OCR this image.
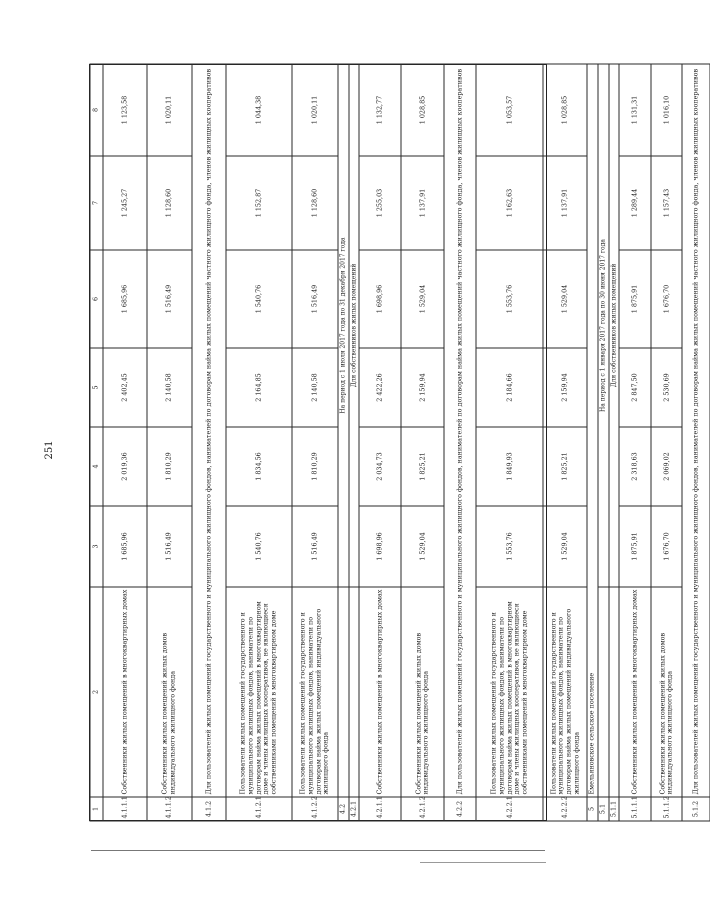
251
1	2	3	4	5	6	7	8
4.1.1.1	Собственники жилых помещений в многоквартирных домах	1 685,96	2 019,36	2 402,45	1 685,96	1 245,27	1 123,58
4.1.1.2	Собственники жилых помещений жилых домов индивидуального жилищного фонда	1 516,49	1 810,29	2 140,58	1 516,49	1 128,60	1 020,11
4.1.2	Для пользователей жилых помещений государственного и муниципального жилищного фондов, нанимателей по договорам найма жилых помещений частного жилищного фонда, членов жилищных кооперативов						
4.1.2.1	Пользователи жилых помещений государственного и муниципального жилищных фондов, наниматели по договорам найма жилых помещений в многоквартирном доме и члены жилищных кооперативов, не являющиеся собственниками помещений в многоквартирном доме	1 540,76	1 834,56	2 164,85	1 540,76	1 152,87	1 044,38
4.1.2.2	Пользователи жилых помещений государственного и муниципального жилищных фондов, наниматели по договорам найма жилых помещений индивидуального жилищного фонда	1 516,49	1 810,29	2 140,58	1 516,49	1 128,60	1 020,11
4.2		На период с 1 июля 2017 года по 31 декабря 2017 года					
4.2.1		Для собственников жилых помещений					
4.2.1.1	Собственники жилых помещений в многоквартирных домах	1 698,96	2 034,73	2 422,26	1 698,96	1 255,03	1 132,77
4.2.1.2	Собственники жилых помещений жилых домов индивидуального жилищного фонда	1 529,04	1 825,21	2 159,94	1 529,04	1 137,91	1 028,85
4.2.2	Для пользователей жилых помещений государственного и муниципального жилищного фондов, нанимателей по договорам найма жилых помещений частного жилищного фонда, членов жилищных кооперативов						
4.2.2.1	Пользователи жилых помещений государственного и муниципального жилищных фондов, наниматели по договорам найма жилых помещений в многоквартирном доме и члены жилищных кооперативов, не являющиеся собственниками помещений в многоквартирном доме	1 553,76	1 849,93	2 184,66	1 553,76	1 162,63	1 053,57
4.2.2.2	Пользователи жилых помещений государственного и муниципального жилищных фондов, наниматели по договорам найма жилых помещений индивидуального жилищного фонда	1 529,04	1 825,21	2 159,94	1 529,04	1 137,91	1 028,85
5	Емельяновское сельское поселение						
5.1		На период с 1 января 2017 года по 30 июня 2017 года					
5.1.1		Для собственников жилых помещений					
5.1.1.1	Собственники жилых помещений в многоквартирных домах	1 875,91	2 318,63	2 847,50	1 875,91	1 289,44	1 131,31
5.1.1.2	Собственники жилых помещений жилых домов индивидуального жилищного фонда	1 676,70	2 069,02	2 530,69	1 676,70	1 157,43	1 016,10
5.1.2	Для пользователей жилых помещений государственного и муниципального жилищного фондов, нанимателей по договорам найма жилых помещений частного жилищного фонда, членов жилищных кооперативов						
